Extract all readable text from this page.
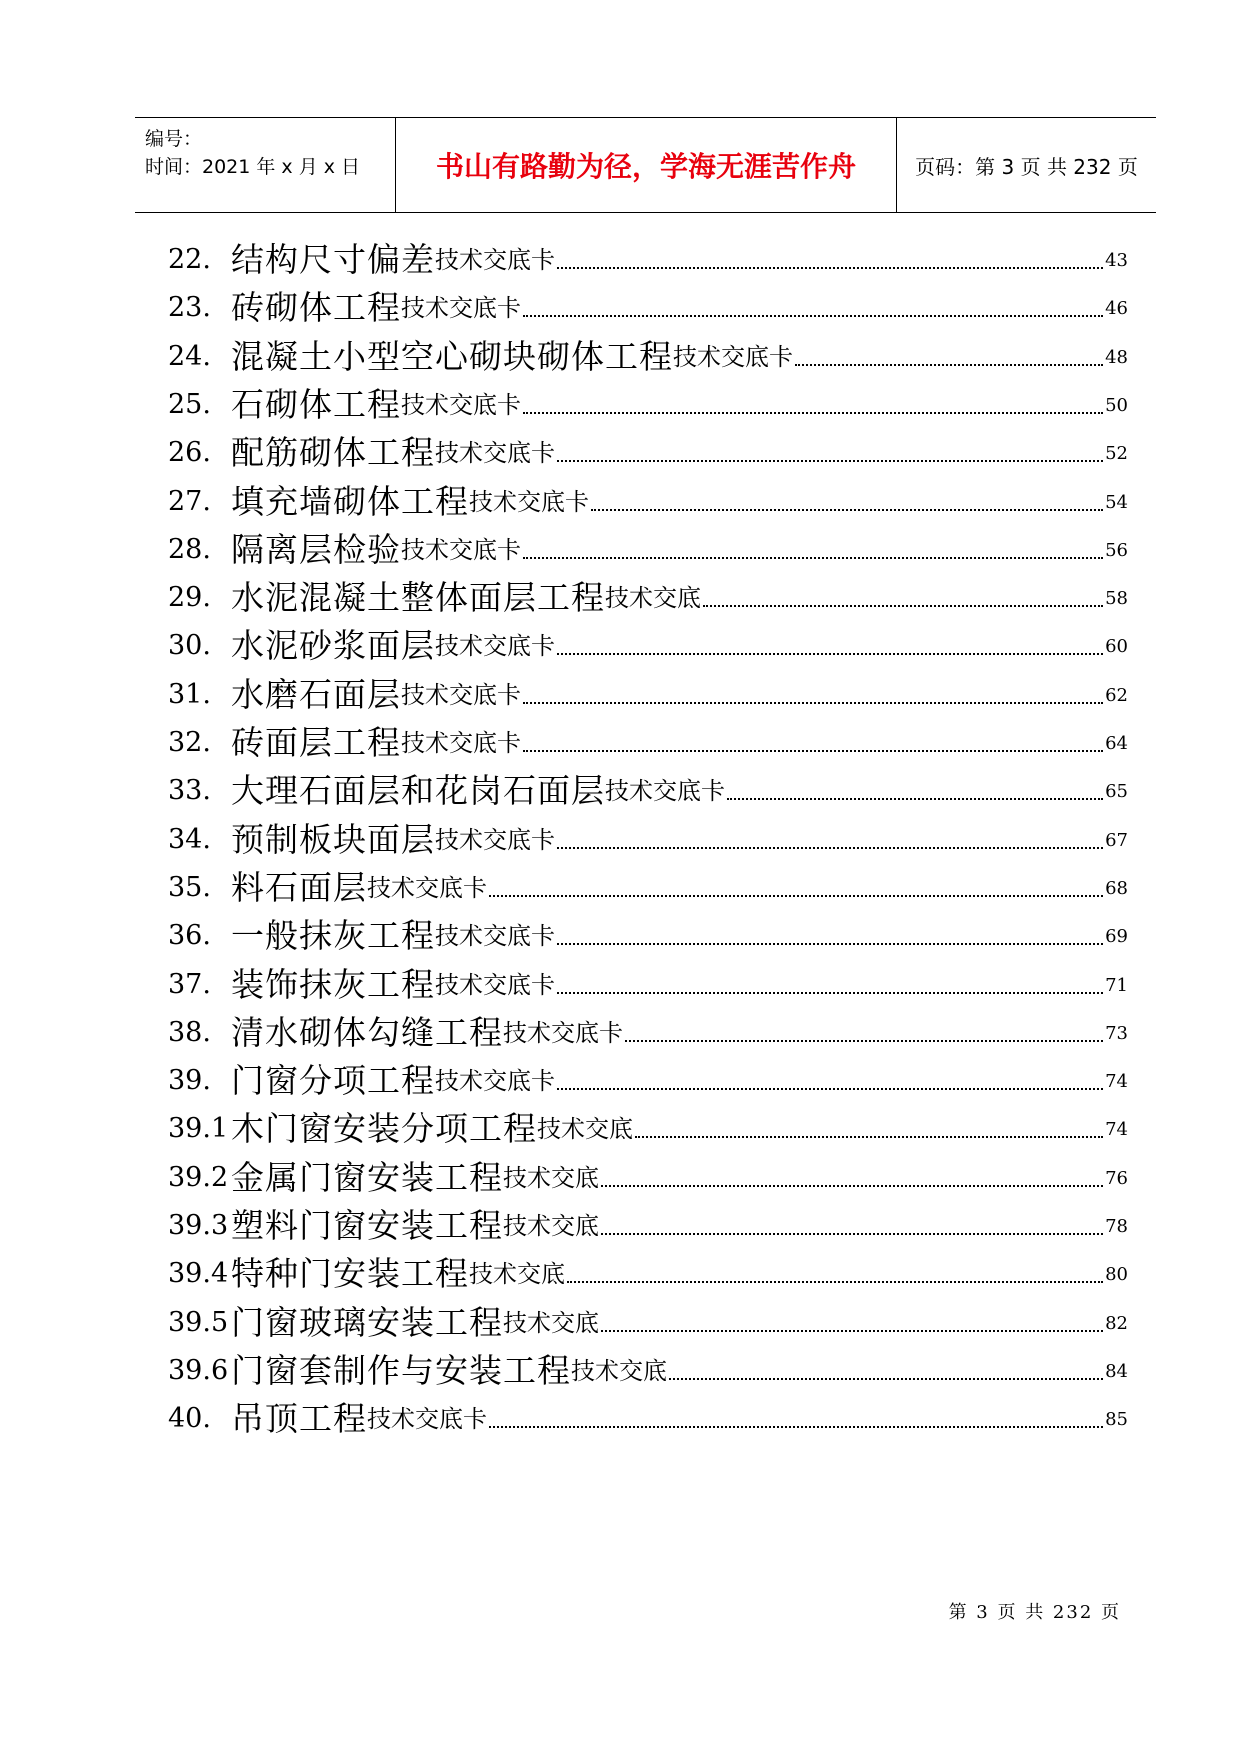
编号：
时间：2021 年 x 月 x 日	书山有路勤为径，学海无涯苦作舟	页码：第 3 页 共 232 页
22. 结构尺寸偏差 技术交底卡	43
23. 砖砌体工程 技术交底卡	46
24. 混凝土小型空心砌块砌体工程 技术交底卡	48
25. 石砌体工程 技术交底卡	50
26. 配筋砌体工程 技术交底卡	52
27. 填充墙砌体工程 技术交底卡	54
28. 隔离层检验 技术交底卡	56
29. 水泥混凝土整体面层工程 技术交底	58
30. 水泥砂浆面层 技术交底卡	60
31. 水磨石面层 技术交底卡	62
32. 砖面层工程 技术交底卡	64
33. 大理石面层和花岗石面层 技术交底卡	65
34. 预制板块面层 技术交底卡	67
35. 料石面层 技术交底卡	68
36. 一般抹灰工程 技术交底卡	69
37. 装饰抹灰工程 技术交底卡	71
38. 清水砌体勾缝工程 技术交底卡	73
39. 门窗分项工程 技术交底卡	74
39.1 木门窗安装分项工程 技术交底	74
39.2 金属门窗安装工程 技术交底	76
39.3 塑料门窗安装工程 技术交底	78
39.4 特种门安装工程 技术交底	80
39.5 门窗玻璃安装工程 技术交底	82
39.6 门窗套制作与安装工程 技术交底	84
40. 吊顶工程 技术交底卡	85
第 3 页 共 232 页
